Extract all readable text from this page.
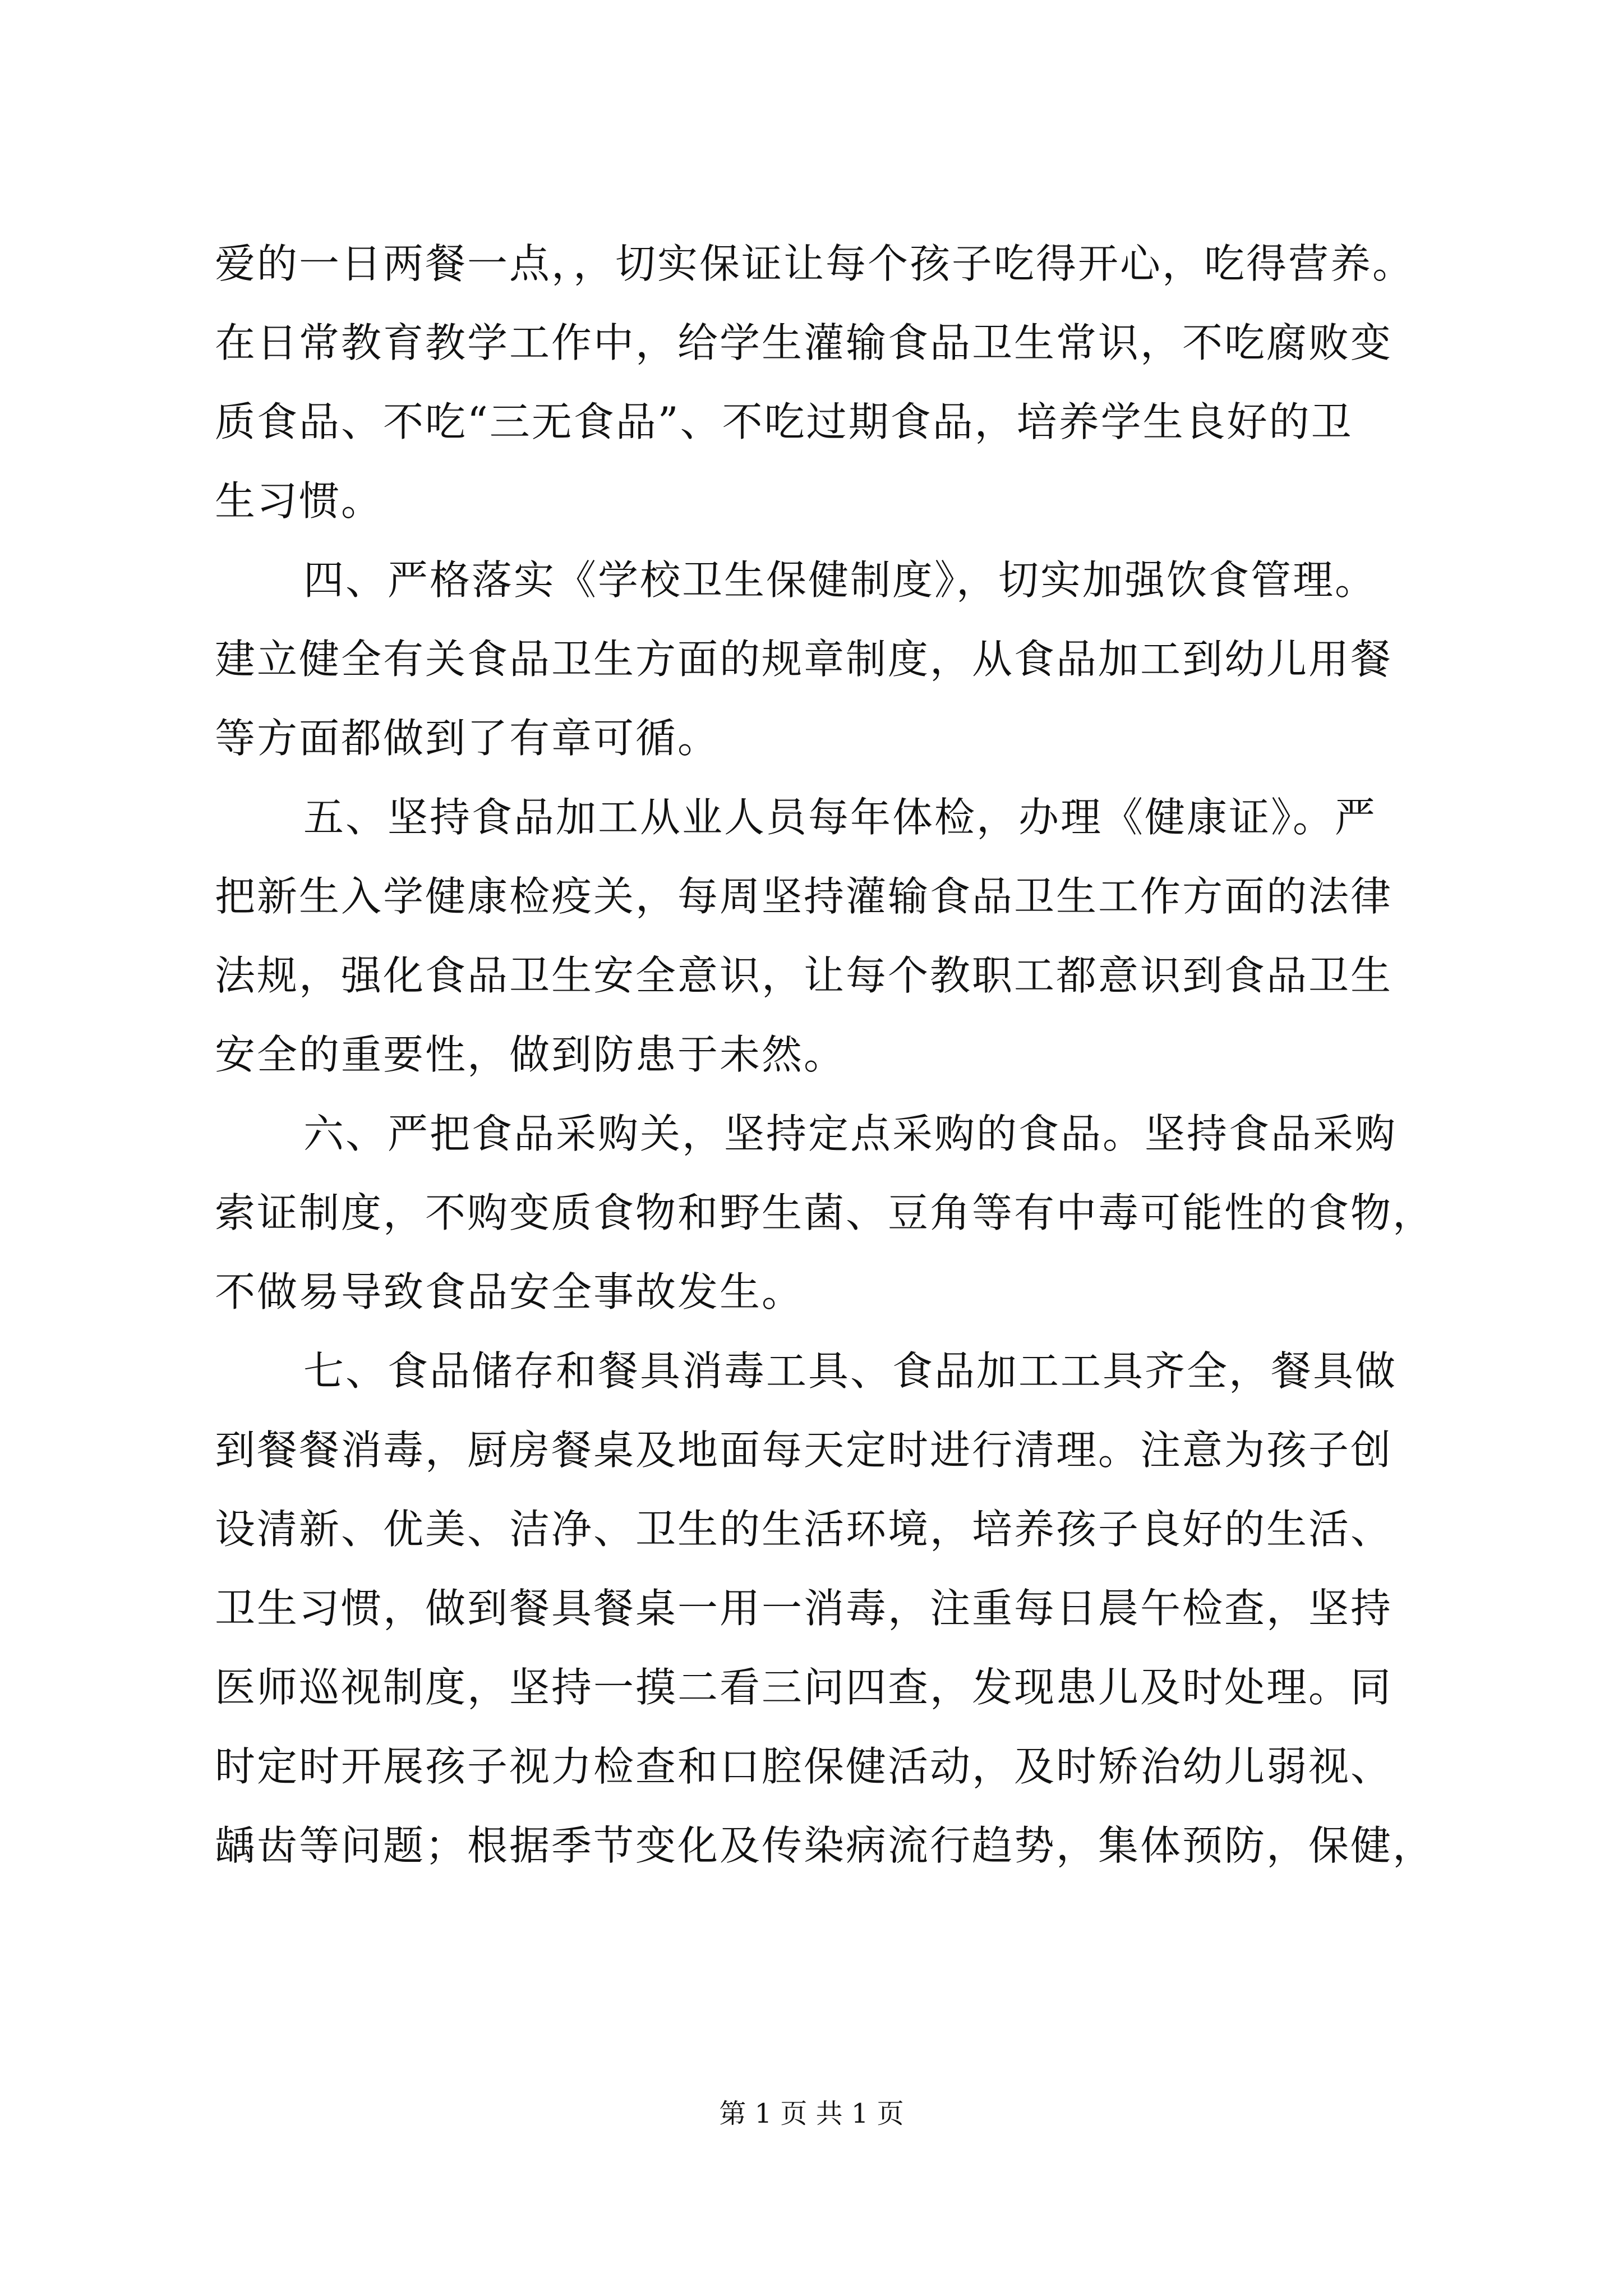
爱的一日两餐一点，，切实保证让每个孩子吃得开心，吃得营养。
在日常教育教学工作中，给学生灌输食品卫生常识，不吃腐败变
质食品、不吃“三无食品”、不吃过期食品，培养学生良好的卫
生习惯。
四、严格落实《学校卫生保健制度》，切实加强饮食管理。
建立健全有关食品卫生方面的规章制度，从食品加工到幼儿用餐
等方面都做到了有章可循。
五、坚持食品加工从业人员每年体检，办理《健康证》。严
把新生入学健康检疫关，每周坚持灌输食品卫生工作方面的法律
法规，强化食品卫生安全意识，让每个教职工都意识到食品卫生
安全的重要性，做到防患于未然。
六、严把食品采购关，坚持定点采购的食品。坚持食品采购
索证制度，不购变质食物和野生菌、豆角等有中毒可能性的食物，
不做易导致食品安全事故发生。
七、食品储存和餐具消毒工具、食品加工工具齐全，餐具做
到餐餐消毒，厨房餐桌及地面每天定时进行清理。注意为孩子创
设清新、优美、洁净、卫生的生活环境，培养孩子良好的生活、
卫生习惯，做到餐具餐桌一用一消毒，注重每日晨午检查，坚持
医师巡视制度，坚持一摸二看三问四查，发现患儿及时处理。同
时定时开展孩子视力检查和口腔保健活动，及时矫治幼儿弱视、
龋齿等问题；根据季节变化及传染病流行趋势，集体预防，保健，
第 1 页 共 1 页
